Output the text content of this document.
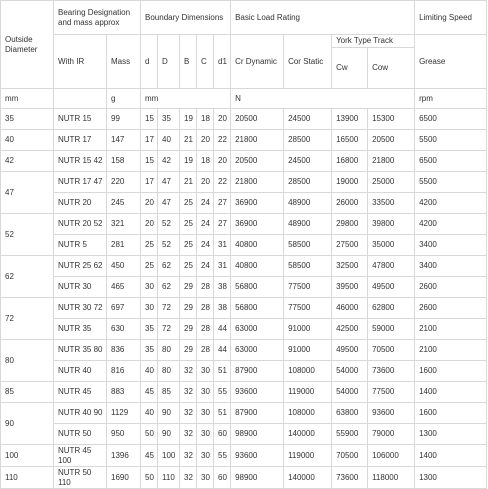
Outside Diameter	Bearing Designation and mass approx		Boundary Dimensions					Basic Load Rating				Limiting Speed
	With IR	Mass	d	D	B	C	d1	Cr Dynamic	Cor Static	York Type Track		Grease
										Cw	Cow	
mm		g	mm					N				rpm
35	NUTR 15	99	15	35	19	18	20	20500	24500	13900	15300	6500
40	NUTR 17	147	17	40	21	20	22	21800	28500	16500	20500	5500
42	NUTR 15 42	158	15	42	19	18	20	20500	24500	16800	21800	6500
47	NUTR 17 47	220	17	47	21	20	22	21800	28500	19000	25000	5500
	NUTR 20	245	20	47	25	24	27	36900	48900	26000	33500	4200
52	NUTR 20 52	321	20	52	25	24	27	36900	48900	29800	39800	4200
	NUTR 5	281	25	52	25	24	31	40800	58500	27500	35000	3400
62	NUTR 25 62	450	25	62	25	24	31	40800	58500	32500	47800	3400
	NUTR 30	465	30	62	29	28	38	56800	77500	39500	49500	2600
72	NUTR 30 72	697	30	72	29	28	38	56800	77500	46000	62800	2600
	NUTR 35	630	35	72	29	28	44	63000	91000	42500	59000	2100
80	NUTR 35 80	836	35	80	29	28	44	63000	91000	49500	70500	2100
	NUTR 40	816	40	80	32	30	51	87900	108000	54000	73600	1600
85	NUTR 45	883	45	85	32	30	55	93600	119000	54000	77500	1400
90	NUTR 40 90	1129	40	90	32	30	51	87900	108000	63800	93600	1600
	NUTR 50	950	50	90	32	30	60	98900	140000	55900	79000	1300
100	NUTR 45 100	1396	45	100	32	30	55	93600	119000	70500	106000	1400
110	NUTR 50 110	1690	50	110	32	30	60	98900	140000	73600	118000	1300
